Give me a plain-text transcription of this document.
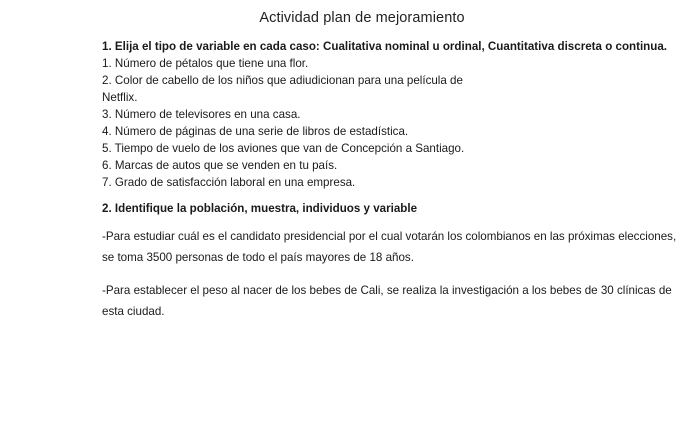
Actividad plan de mejoramiento

1. Elija el tipo de variable en cada caso: Cualitativa nominal u ordinal, Cuantitativa discreta o continua.

1. Número de pétalos que tiene una flor.

2. Color de cabello de los niños que adiudicionan para una película de

Netflix.

3. Número de televisores en una casa.

4. Número de páginas de una serie de libros de estadística.

5. Tiempo de vuelo de los aviones que van de Concepción a Santiago.

6. Marcas de autos que se venden en tu país.

7. Grado de satisfacción laboral en una empresa.

2. Identifique la población, muestra, individuos y variable

-Para estudiar cuál es el candidato presidencial por el cual votarán los colombianos en las próximas elecciones, se toma 3500 personas de todo el país mayores de 18 años.

-Para establecer el peso al nacer de los bebes de Cali, se realiza la investigación a los bebes de 30 clínicas de esta ciudad.
